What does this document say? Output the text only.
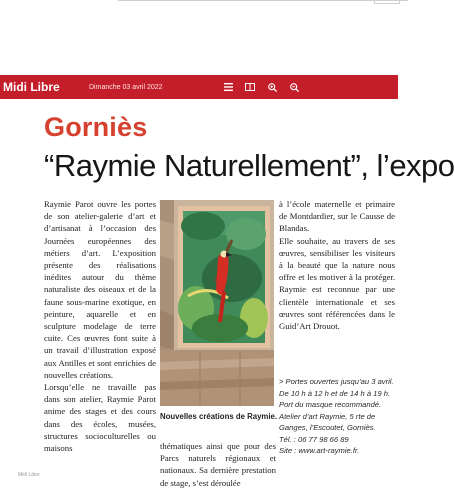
Midi Libre	Dimanche 03 avril 2022
Gorniès
“Raymie Naturellement”, l’expo

Raymie Parot ouvre les portes de son atelier-galerie d’art et d’artisanat à l’occasion des Journées européennes des métiers d’art. L’exposition présente des réalisations inédites autour du thème naturaliste des oiseaux et de la faune sous-marine exotique, en peinture, aquarelle et en sculpture modelage de terre cuite. Ces œuvres font suite à un travail d’illustration exposé aux Antilles et sont enrichies de nouvelles créations.

Lorsqu’elle ne travaille pas dans son atelier, Raymie Parot anime des stages et des cours dans des écoles, musées, structures socioculturelles ou maisons

Nouvelles créations de Raymie.

thématiques ainsi que pour des Parcs naturels régionaux et nationaux. Sa dernière prestation de stage, s’est déroulée

à l’école maternelle et primaire de Montdardier, sur le Causse de Blandas.

Elle souhaite, au travers de ses œuvres, sensibiliser les visiteurs à la beauté que la nature nous offre et les motiver à la protéger. Raymie est reconnue par une clientèle internationale et ses œuvres sont référencées dans le Guid’Art Drouot.

> Portes ouvertes jusqu’au 3 avril. De 10 h à 12 h et de 14 h à 19 h. Port du masque recommandé.

Atelier d’art Raymie, 5 rte de Ganges, l’Escoutet, Gorniès.

Tél. : 06 77 98 66 89

Site : www.art-raymie.fr.

Midi Libre
